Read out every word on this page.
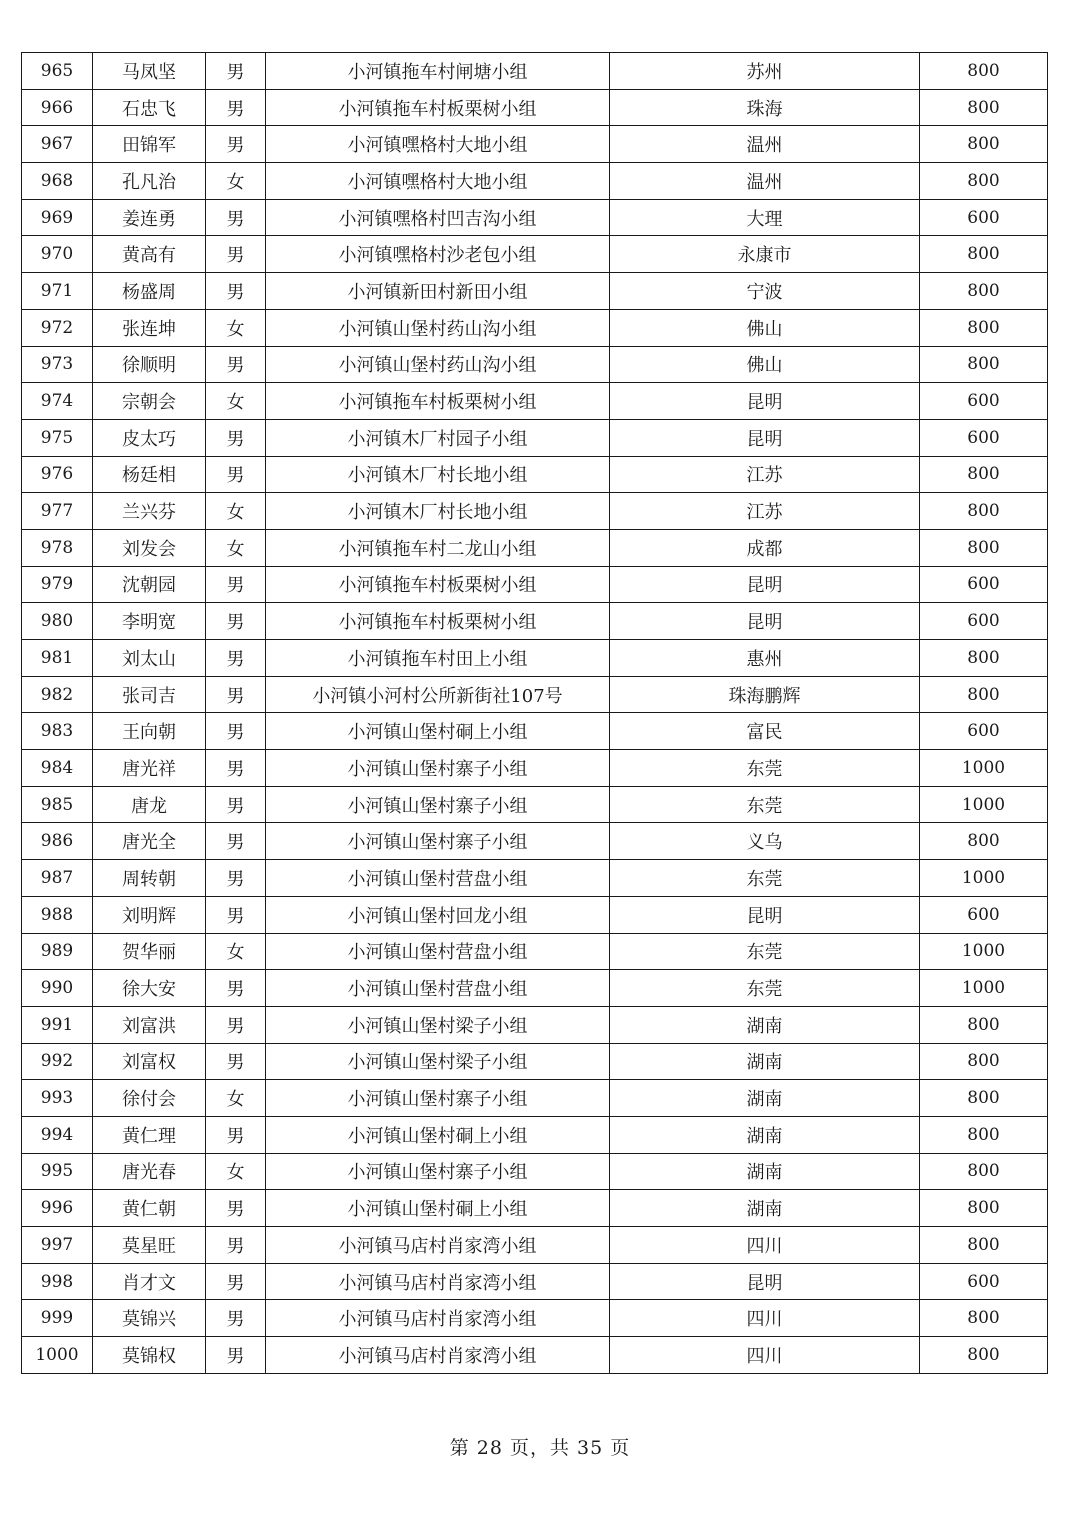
965	马凤坚	男	小河镇拖车村闸塘小组	苏州	800
966	石忠飞	男	小河镇拖车村板栗树小组	珠海	800
967	田锦军	男	小河镇嘿格村大地小组	温州	800
968	孔凡治	女	小河镇嘿格村大地小组	温州	800
969	姜连勇	男	小河镇嘿格村凹吉沟小组	大理	600
970	黄高有	男	小河镇嘿格村沙老包小组	永康市	800
971	杨盛周	男	小河镇新田村新田小组	宁波	800
972	张连坤	女	小河镇山堡村药山沟小组	佛山	800
973	徐顺明	男	小河镇山堡村药山沟小组	佛山	800
974	宗朝会	女	小河镇拖车村板栗树小组	昆明	600
975	皮太巧	男	小河镇木厂村园子小组	昆明	600
976	杨廷相	男	小河镇木厂村长地小组	江苏	800
977	兰兴芬	女	小河镇木厂村长地小组	江苏	800
978	刘发会	女	小河镇拖车村二龙山小组	成都	800
979	沈朝园	男	小河镇拖车村板栗树小组	昆明	600
980	李明宽	男	小河镇拖车村板栗树小组	昆明	600
981	刘太山	男	小河镇拖车村田上小组	惠州	800
982	张司吉	男	小河镇小河村公所新街社107号	珠海鹏辉	800
983	王向朝	男	小河镇山堡村硐上小组	富民	600
984	唐光祥	男	小河镇山堡村寨子小组	东莞	1000
985	唐龙	男	小河镇山堡村寨子小组	东莞	1000
986	唐光全	男	小河镇山堡村寨子小组	义乌	800
987	周转朝	男	小河镇山堡村营盘小组	东莞	1000
988	刘明辉	男	小河镇山堡村回龙小组	昆明	600
989	贺华丽	女	小河镇山堡村营盘小组	东莞	1000
990	徐大安	男	小河镇山堡村营盘小组	东莞	1000
991	刘富洪	男	小河镇山堡村梁子小组	湖南	800
992	刘富权	男	小河镇山堡村梁子小组	湖南	800
993	徐付会	女	小河镇山堡村寨子小组	湖南	800
994	黄仁理	男	小河镇山堡村硐上小组	湖南	800
995	唐光春	女	小河镇山堡村寨子小组	湖南	800
996	黄仁朝	男	小河镇山堡村硐上小组	湖南	800
997	莫星旺	男	小河镇马店村肖家湾小组	四川	800
998	肖才文	男	小河镇马店村肖家湾小组	昆明	600
999	莫锦兴	男	小河镇马店村肖家湾小组	四川	800
1000	莫锦权	男	小河镇马店村肖家湾小组	四川	800
第 28 页，共 35 页
